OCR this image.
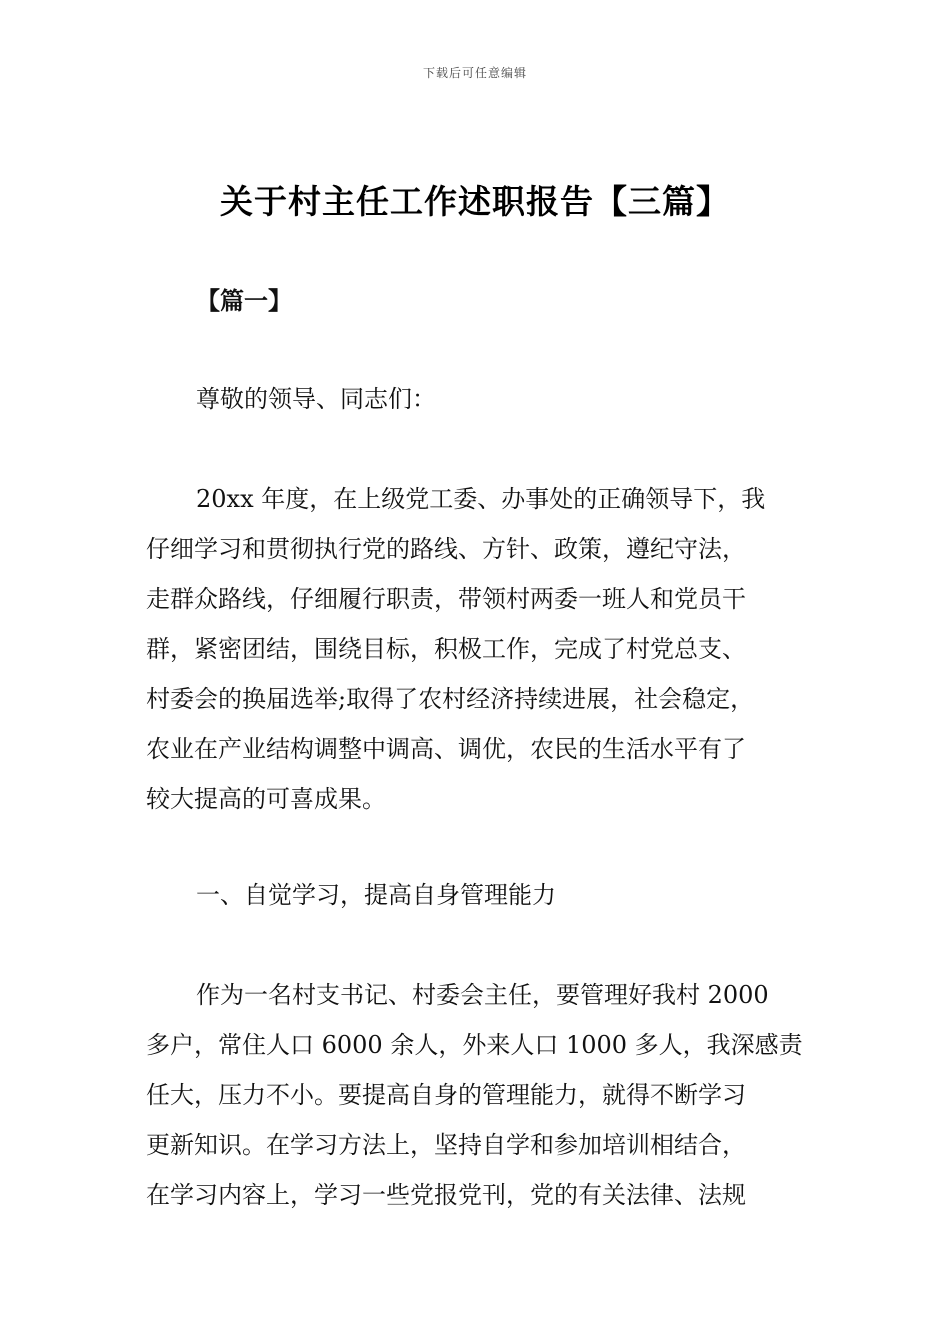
下载后可任意编辑
关于村主任工作述职报告【三篇】
【篇一】
尊敬的领导、同志们：
20xx 年度，在上级党工委、办事处的正确领导下，我
仔细学习和贯彻执行党的路线、方针、政策，遵纪守法，
走群众路线，仔细履行职责，带领村两委一班人和党员干
群，紧密团结，围绕目标，积极工作，完成了村党总支、
村委会的换届选举;取得了农村经济持续进展，社会稳定，
农业在产业结构调整中调高、调优，农民的生活水平有了
较大提高的可喜成果。
一、自觉学习，提高自身管理能力
作为一名村支书记、村委会主任，要管理好我村 2000
多户，常住人口 6000 余人，外来人口 1000 多人，我深感责
任大，压力不小。要提高自身的管理能力，就得不断学习
更新知识。在学习方法上，坚持自学和参加培训相结合，
在学习内容上，学习一些党报党刊，党的有关法律、法规
